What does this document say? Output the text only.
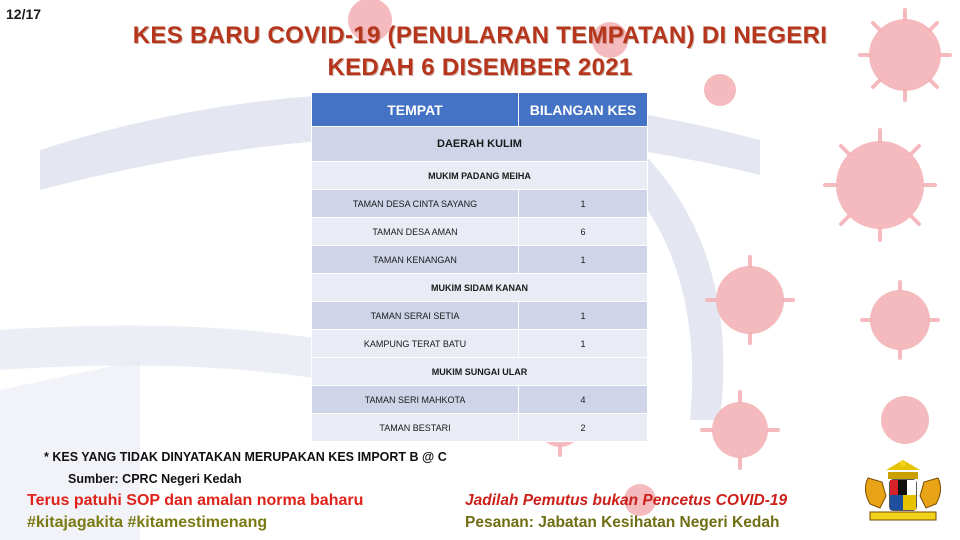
12/17
KES BARU COVID-19 (PENULARAN TEMPATAN) DI NEGERI
KEDAH 6 DISEMBER 2021
TEMPAT	BILANGAN KES
DAERAH KULIM	
MUKIM PADANG MEIHA	
TAMAN DESA CINTA SAYANG	1
TAMAN DESA AMAN	6
TAMAN KENANGAN	1
MUKIM SIDAM KANAN	
TAMAN SERAI SETIA	1
KAMPUNG TERAT BATU	1
MUKIM SUNGAI ULAR	
TAMAN SERI MAHKOTA	4
TAMAN BESTARI	2
* KES YANG TIDAK DINYATAKAN MERUPAKAN KES IMPORT B @ C
Sumber: CPRC Negeri Kedah
Terus patuhi SOP dan amalan norma baharu
#kitajagakita #kitamestimenang
Jadilah Pemutus bukan Pencetus COVID-19
Pesanan: Jabatan Kesihatan Negeri Kedah
